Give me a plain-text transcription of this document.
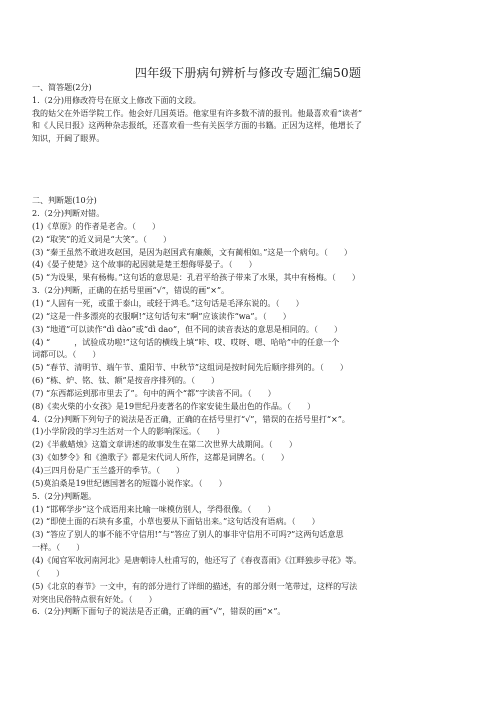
四年级下册病句辨析与修改专题汇编50题
一、简答题(2分)
1.（2分)用修改符号在原文上修改下面的文段。
我的姑父在外语学院工作。他会好几国英语。他家里有许多数不清的报刊。他最喜欢看“读者”
和《人民日报》这两种杂志报纸，还喜欢看一些有关医学方面的书籍。正因为这样，他增长了
知识，开阔了眼界。
二、判断题(10分)
2.（2分)判断对错。
(1)《草原》的作者是老舍。（　　）
(2) “取笑”的近义词是“大笑”。（　　）
(3) “秦王虽然不敢进攻赵国，是因为赵国武有廉颇，文有蔺相如。”这是一个病句。（　　）
(4)《晏子使楚》这个故事的起因就是楚王想侮辱晏子。（　　）
(5) “为设果，果有杨梅。”这句话的意思是：孔君平给孩子带来了水果，其中有杨梅。（　　）
3.（2分)判断，正确的在括号里画“√”，错误的画“×”。
(1) “人固有一死，或重于泰山，或轻于鸿毛。”这句话是毛泽东说的。（　　）
(2) “这是一件多漂亮的衣服啊!”这句话句末“啊”应该读作“wa”。（　　）
(3) “地道”可以读作“dì dào”或“dì dao”，但不同的读音表达的意思是相同的。（　　）
(4) “　　　，试验成功啦!”这句话的横线上填“咔、哎、哎呀、嗯、哈哈”中的任意一个
词都可以。（　　）
(5) “春节、清明节、端午节、重阳节、中秋节”这组词是按时间先后顺序排列的。（　　）
(6) “栋、炉、铭、钛、额”是按音序排列的。（　　）
(7) “东西都运到那市里去了”。句中的两个“都”字读音不同。（　　）
(8)《卖火柴的小女孩》是19世纪丹麦著名的作家安徒生最出色的作品。（　　）
4.（2分)判断下列句子的说法是否正确，正确的在括号里打“√”，错误的在括号里打“×”。
(1)小学阶段的学习生活对一个人的影响深远。（　　）
(2)《半截蜡烛》这篇文章讲述的故事发生在第二次世界大战期间。（　　）
(3)《如梦令》和《渔歌子》都是宋代词人所作，这都是词牌名。（　　）
(4)三四月份是广玉兰盛开的季节。（　　）
(5)莫泊桑是19世纪德国著名的短篇小说作家。（　　）
5.（2分)判断题。
(1) “邯郸学步”这个成语用来比喻一味模仿别人，学得很像。（　　）
(2) “即使土面的石块有多重，小草也要从下面钻出来。”这句话没有语病。（　　）
(3) “答应了别人的事不能不守信用!”与“答应了别人的事非守信用不可吗?”这两句话意思
一样。（　　）
(4)《闻官军收河南河北》是唐朝诗人杜甫写的，他还写了《春夜喜雨》《江畔独步寻花》等。
（　　）
(5)《北京的春节》一文中，有的部分进行了详细的描述，有的部分则一笔带过，这样的写法
对突出民俗特点很有好处。（　　）
6.（2分)判断下面句子的说法是否正确，正确的画“√”，错误的画“×”。
